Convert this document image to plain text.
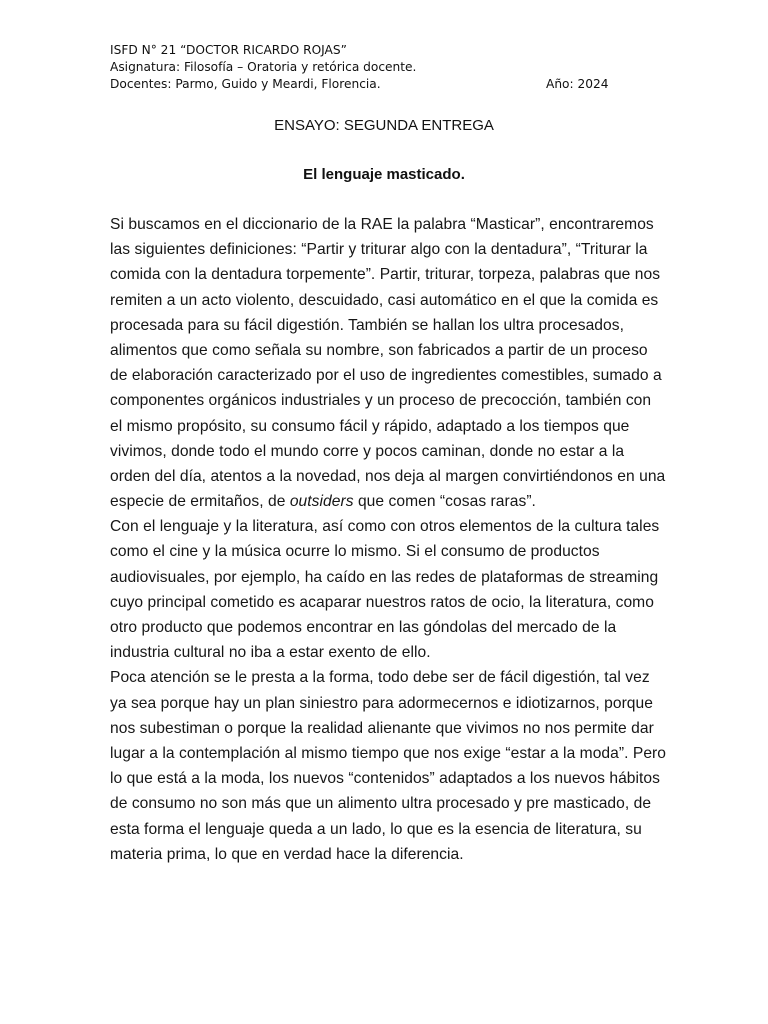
ISFD N° 21 “DOCTOR RICARDO ROJAS”
Asignatura: Filosofía – Oratoria y retórica docente.
Docentes: Parmo, Guido y Meardi, Florencia.	Año: 2024
ENSAYO: SEGUNDA ENTREGA
El lenguaje masticado.
Si buscamos en el diccionario de la RAE la palabra “Masticar”, encontraremos
las siguientes definiciones: “Partir y triturar algo con la dentadura”, “Triturar la
comida con la dentadura torpemente”. Partir, triturar, torpeza, palabras que nos
remiten a un acto violento, descuidado, casi automático en el que la comida es
procesada para su fácil digestión. También se hallan los ultra procesados,
alimentos que como señala su nombre, son fabricados a partir de un proceso
de elaboración caracterizado por el uso de ingredientes comestibles, sumado a
componentes orgánicos industriales y un proceso de precocción, también con
el mismo propósito, su consumo fácil y rápido, adaptado a los tiempos que
vivimos, donde todo el mundo corre y pocos caminan, donde no estar a la
orden del día, atentos a la novedad, nos deja al margen convirtiéndonos en una
especie de ermitaños, de outsiders que comen “cosas raras”.
Con el lenguaje y la literatura, así como con otros elementos de la cultura tales
como el cine y la música ocurre lo mismo. Si el consumo de productos
audiovisuales, por ejemplo, ha caído en las redes de plataformas de streaming
cuyo principal cometido es acaparar nuestros ratos de ocio, la literatura, como
otro producto que podemos encontrar en las góndolas del mercado de la
industria cultural no iba a estar exento de ello.
Poca atención se le presta a la forma, todo debe ser de fácil digestión, tal vez
ya sea porque hay un plan siniestro para adormecernos e idiotizarnos, porque
nos subestiman o porque la realidad alienante que vivimos no nos permite dar
lugar a la contemplación al mismo tiempo que nos exige “estar a la moda”. Pero
lo que está a la moda, los nuevos “contenidos” adaptados a los nuevos hábitos
de consumo no son más que un alimento ultra procesado y pre masticado, de
esta forma el lenguaje queda a un lado, lo que es la esencia de literatura, su
materia prima, lo que en verdad hace la diferencia.
